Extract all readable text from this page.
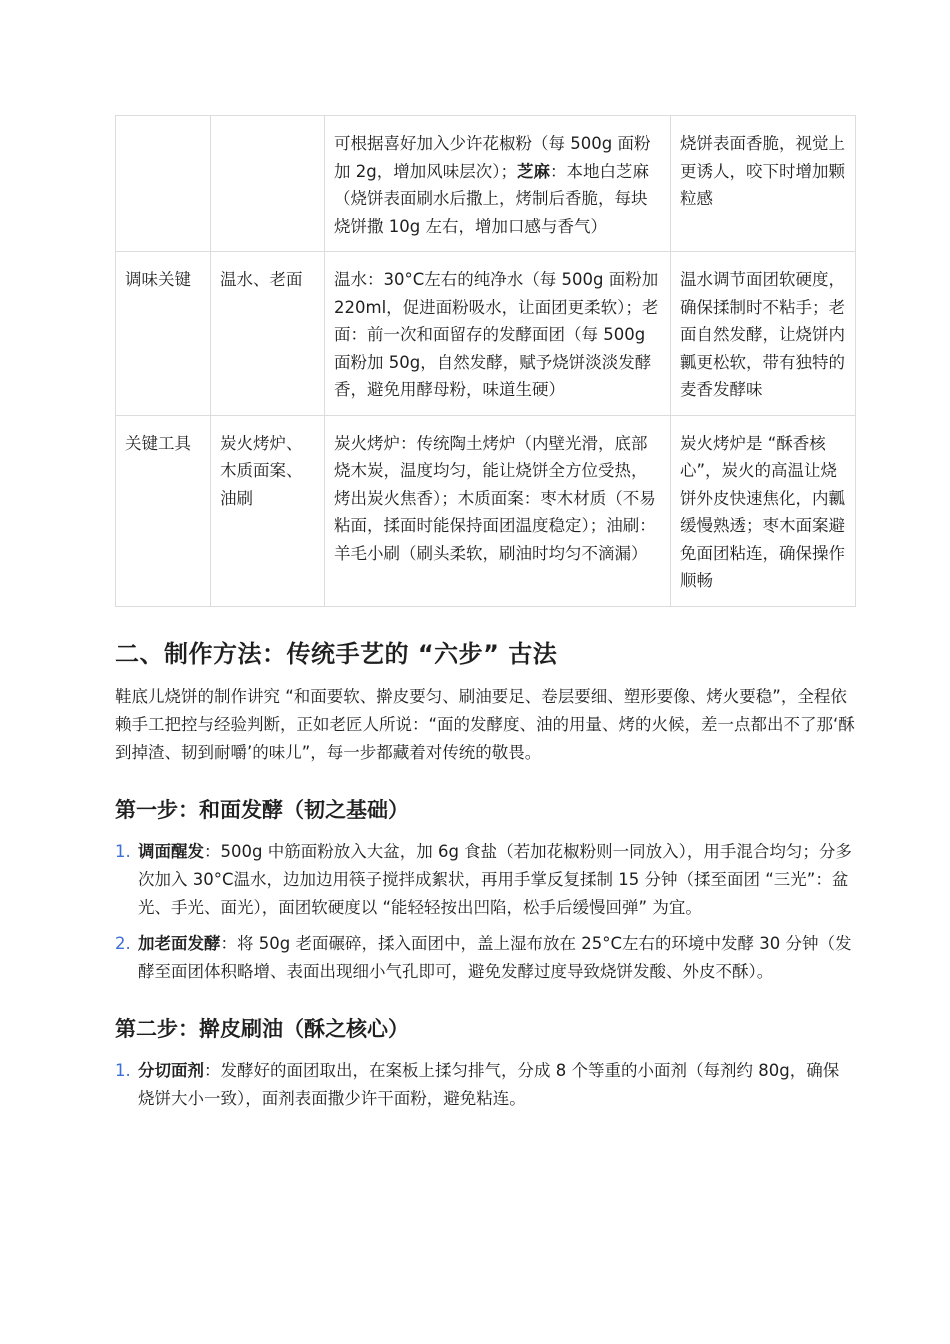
		可根据喜好加入少许花椒粉（每 500g 面粉加 2g，增加风味层次）；芝麻：本地白芝麻（烧饼表面刷水后撒上，烤制后香脆，每块烧饼撒 10g 左右，增加口感与香气）	烧饼表面香脆，视觉上更诱人，咬下时增加颗粒感
调味关键	温水、老面	温水：30°C左右的纯净水（每 500g 面粉加 220ml，促进面粉吸水，让面团更柔软）；老面：前一次和面留存的发酵面团（每 500g 面粉加 50g，自然发酵，赋予烧饼淡淡发酵香，避免用酵母粉，味道生硬）	温水调节面团软硬度，确保揉制时不粘手；老面自然发酵，让烧饼内瓤更松软，带有独特的麦香发酵味
关键工具	炭火烤炉、木质面案、油刷	炭火烤炉：传统陶土烤炉（内壁光滑，底部烧木炭，温度均匀，能让烧饼全方位受热，烤出炭火焦香）；木质面案：枣木材质（不易粘面，揉面时能保持面团温度稳定）；油刷：羊毛小刷（刷头柔软，刷油时均匀不滴漏）	炭火烤炉是 “酥香核心”，炭火的高温让烧饼外皮快速焦化，内瓤缓慢熟透；枣木面案避免面团粘连，确保操作顺畅
二、制作方法：传统手艺的 “六步” 古法

鞋底儿烧饼的制作讲究 “和面要软、擀皮要匀、刷油要足、卷层要细、塑形要像、烤火要稳”，全程依赖手工把控与经验判断，正如老匠人所说：“面的发酵度、油的用量、烤的火候，差一点都出不了那‘酥到掉渣、韧到耐嚼’的味儿”，每一步都藏着对传统的敬畏。

第一步：和面发酵（韧之基础）
1. 调面醒发：500g 中筋面粉放入大盆，加 6g 食盐（若加花椒粉则一同放入），用手混合均匀；分多次加入 30°C温水，边加边用筷子搅拌成絮状，再用手掌反复揉制 15 分钟（揉至面团 “三光”：盆光、手光、面光），面团软硬度以 “能轻轻按出凹陷，松手后缓慢回弹” 为宜。
2. 加老面发酵：将 50g 老面碾碎，揉入面团中，盖上湿布放在 25°C左右的环境中发酵 30 分钟（发酵至面团体积略增、表面出现细小气孔即可，避免发酵过度导致烧饼发酸、外皮不酥）。
第二步：擀皮刷油（酥之核心）
1. 分切面剂：发酵好的面团取出，在案板上揉匀排气，分成 8 个等重的小面剂（每剂约 80g，确保烧饼大小一致），面剂表面撒少许干面粉，避免粘连。
